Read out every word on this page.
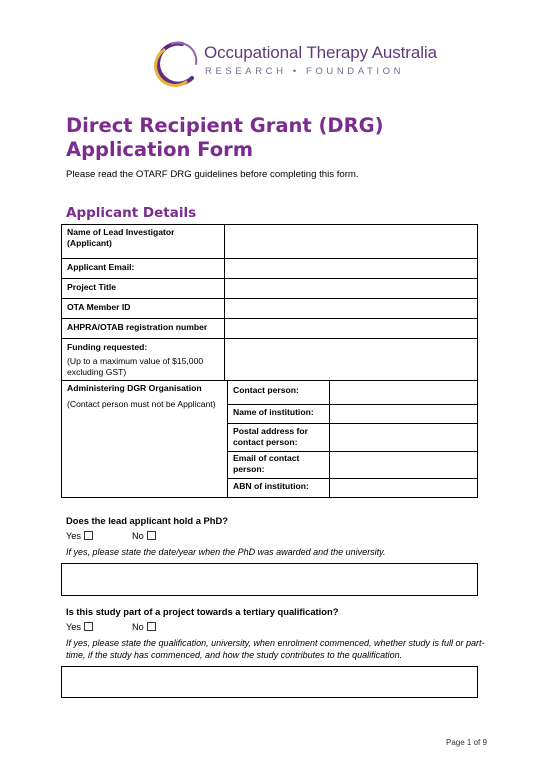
Occupational Therapy Australia
RESEARCH • FOUNDATION
Direct Recipient Grant (DRG) Application Form

Please read the OTARF DRG guidelines before completing this form.

Applicant Details

Name of Lead Investigator (Applicant)

Applicant Email:

Project Title

OTA Member ID

AHPRA/OTAB registration number

Funding requested:

(Up to a maximum value of $15,000 excluding GST)

Administering DGR Organisation

(Contact person must not be Applicant)

Contact person:

Name of institution:

Postal address for contact person:

Email of contact person:

ABN of institution:

Does the lead applicant hold a PhD?

Yes	No

If yes, please state the date/year when the PhD was awarded and the university.

Is this study part of a project towards a tertiary qualification?

Yes	No

If yes, please state the qualification, university, when enrolment commenced, whether study is full or part-time, if the study has commenced, and how the study contributes to the qualification.

Page 1 of 9
